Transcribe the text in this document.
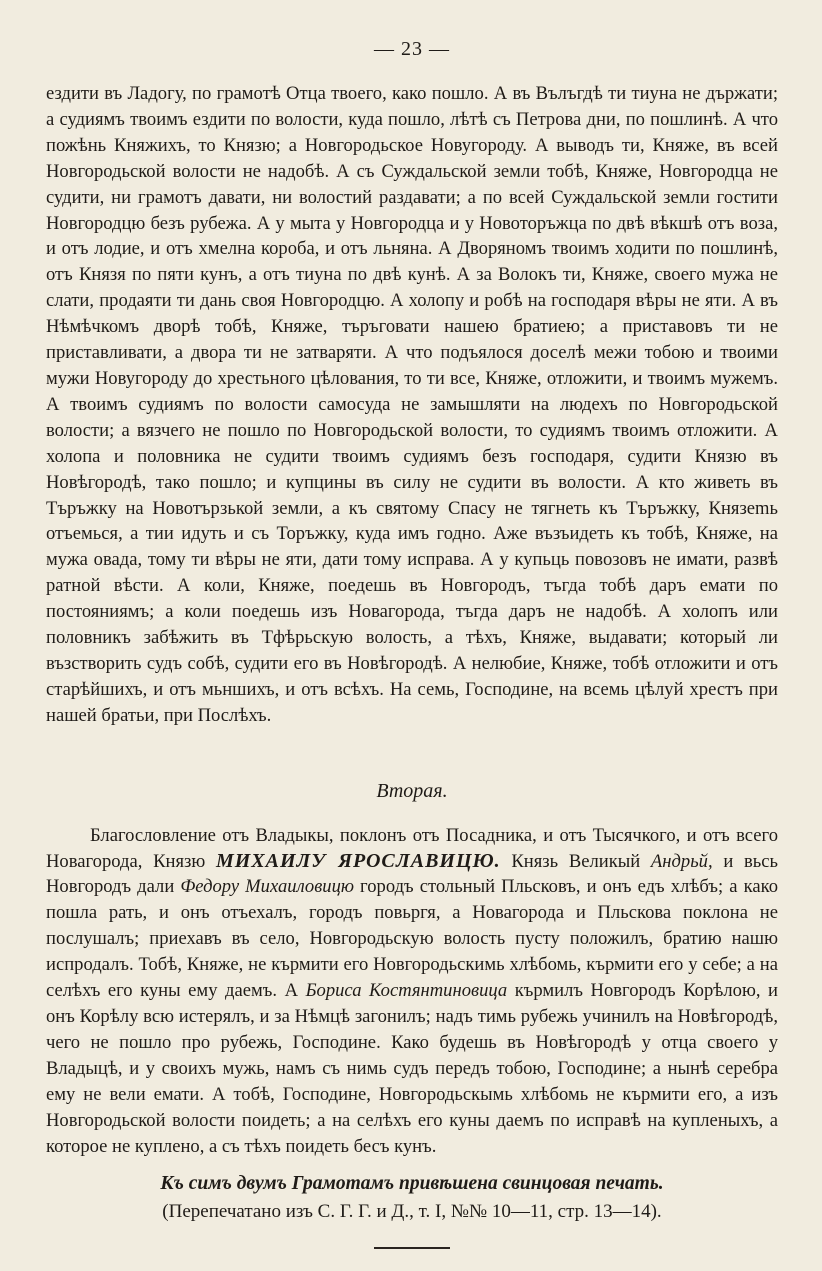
— 23 —

ездити въ Ладогу, по грамотѣ Отца твоего, како пошло. А въ Вълъгдѣ ти тиуна не държати; а судиямъ твоимъ ездити по волости, куда пошло, лѣтѣ съ Петрова дни, по пошлинѣ. А что пожѣнь Княжихъ, то Князю; а Новгородьское Новугороду. А выводъ ти, Княже, въ всей Новгородьской волости не надобѣ. А съ Суждальской земли тобѣ, Княже, Новгородца не судити, ни грамотъ давати, ни волостий раздавати; а по всей Суждальской земли гостити Новгородцю безъ рубежа. А у мыта у Новгородца и у Новоторъжца по двѣ вѣкшѣ отъ воза, и отъ лодие, и отъ хмелна короба, и отъ льняна. А Дворяномъ твоимъ ходити по пошлинѣ, отъ Князя по пяти кунъ, а отъ тиуна по двѣ кунѣ. А за Волокъ ти, Княже, своего мужа не слати, продаяти ти дань своя Новгородцю. А холопу и робѣ на господаря вѣры не яти. А въ Нѣмѣчкомъ дворѣ тобѣ, Княже, търъговати нашею братиею; а приставовъ ти не приставливати, а двора ти не затваряти. А что подъялося доселѣ межи тобою и твоими мужи Новугороду до хрестьного цѣлования, то ти все, Княже, отложити, и твоимъ мужемъ. А твоимъ судиямъ по волости самосуда не замышляти на людехъ по Новгородьской волости; а вязчего не пошло по Новгородьской волости, то судиямъ твоимъ отложити. А холопа и половника не судити твоимъ судиямъ безъ господаря, судити Князю въ Новѣгородѣ, тако пошло; и купцины въ силу не судити въ волости. А кто живеть въ Търъжку на Новотързькой земли, а къ святому Спасу не тягнеть къ Търъжку, Князеmь отъемься, а тии идуть и съ Торъжку, куда имъ годно. Аже възъидеть къ тобѣ, Княже, на мужа овада, тому ти вѣры не яти, дати тому исправа. А у купьць повозовъ не имати, развѣ ратной вѣсти. А коли, Княже, поедешь въ Новгородъ, тъгда тобѣ даръ емати по постояниямъ; а коли поедешь изъ Новагорода, тъгда даръ не надобѣ. А холопъ или половникъ забѣжить въ Тфѣрьскую волость, а тѣхъ, Княже, выдавати; который ли възстворить судъ собѣ, судити его въ Новѣгородѣ. А нелюбие, Княже, тобѣ отложити и отъ старѣйшихъ, и отъ мьншихъ, и отъ всѣхъ. На семь, Господине, на всемь цѣлуй хрестъ при нашей братьи, при Послѣхъ.

Вторая.

Благословление отъ Владыкы, поклонъ отъ Посадника, и отъ Тысячкого, и отъ всего Новагорода, Князю МИХАИЛУ ЯРОСЛАВИЦЮ. Князь Великый Андрьй, и вьсь Новгородъ дали Федору Михаиловицю городъ стольный Пльсковъ, и онъ едъ хлѣбъ; а како пошла рать, и онъ отъехалъ, городъ повьргя, а Новагорода и Пльскова поклона не послушалъ; приехавъ въ село, Новгородьскую волость пусту положилъ, братию нашю испродалъ. Тобѣ, Княже, не кърмити его Новгородьскимь хлѣбомь, кърмити его у себе; а на селѣхъ его куны ему даемъ. А Бориса Костянтиновица кърмилъ Новгородъ Корѣлою, и онъ Корѣлу всю истерялъ, и за Нѣмцѣ загонилъ; надъ тимь рубежь учинилъ на Новѣгородѣ, чего не пошло про рубежь, Господине. Како будешь въ Новѣгородѣ у отца своего у Владыцѣ, и у своихъ мужь, намъ съ нимь судъ передъ тобою, Господине; а нынѣ серебра ему не вели емати. А тобѣ, Господине, Новгородьскымь хлѣбомь не кърмити его, а изъ Новгородьской волости поидеть; а на селѣхъ его куны даемъ по исправѣ на купленыхъ, а которое не куплено, а съ тѣхъ поидеть бесъ кунъ.

Къ симъ двумъ Грамотамъ привѣшена свинцовая печать.
(Перепечатано изъ С. Г. Г. и Д., т. I, №№ 10—11, стр. 13—14).
